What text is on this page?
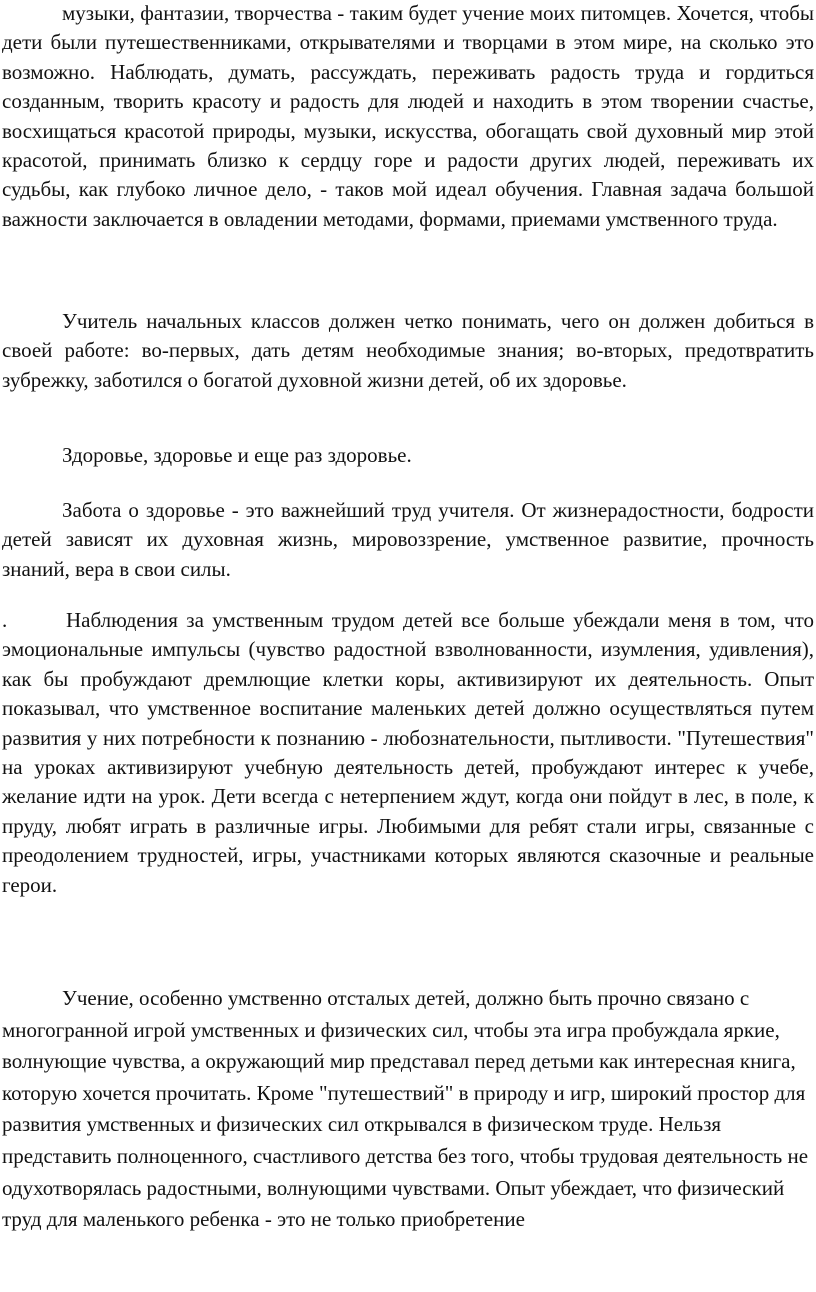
музыки, фантазии, творчества - таким будет учение моих питомцев. Хочется, чтобы дети были путешественниками, открывателями и творцами в этом мире, на сколько это возможно. Наблюдать, думать, рассуждать, переживать радость труда и гордиться созданным, творить красоту и радость для людей и находить в этом творении счастье, восхищаться красотой природы, музыки, искусства, обогащать свой духовный мир этой красотой, принимать близко к сердцу горе и радости других людей, переживать их судьбы, как глубоко личное дело, - таков мой идеал обучения. Главная задача большой важности заключается в овладении методами, формами, приемами умственного труда.

Учитель начальных классов должен четко понимать, чего он должен добиться в своей работе: во-первых, дать детям необходимые знания; во-вторых, предотвратить зубрежку, заботился о богатой духовной жизни детей, об их здоровье.

Здоровье, здоровье и еще раз здоровье.

Забота о здоровье - это важнейший труд учителя. От жизнерадостности, бодрости детей зависят их духовная жизнь, мировоззрение, умственное развитие, прочность знаний, вера в свои силы.

.	Наблюдения за умственным трудом детей все больше убеждали меня в том, что эмоциональные импульсы (чувство радостной взволнованности, изумления, удивления), как бы пробуждают дремлющие клетки коры, активизируют их деятельность. Опыт показывал, что умственное воспитание маленьких детей должно осуществляться путем развития у них потребности к познанию - любознательности, пытливости. "Путешествия" на уроках активизируют учебную деятельность детей, пробуждают интерес к учебе, желание идти на урок. Дети всегда с нетерпением ждут, когда они пойдут в лес, в поле, к пруду, любят играть в различные игры. Любимыми для ребят стали игры, связанные с преодолением трудностей, игры, участниками которых являются сказочные и реальные герои.

Учение, особенно умственно отсталых детей, должно быть прочно связано с многогранной игрой умственных и физических сил, чтобы эта игра пробуждала яркие, волнующие чувства, а окружающий мир представал перед детьми как интересная книга, которую хочется прочитать. Кроме "путешествий" в природу и игр, широкий простор для развития умственных и физических сил открывался в физическом труде. Нельзя представить полноценного, счастливого детства без того, чтобы трудовая деятельность не одухотворялась радостными, волнующими чувствами. Опыт убеждает, что физический труд для маленького ребенка - это не только приобретение
